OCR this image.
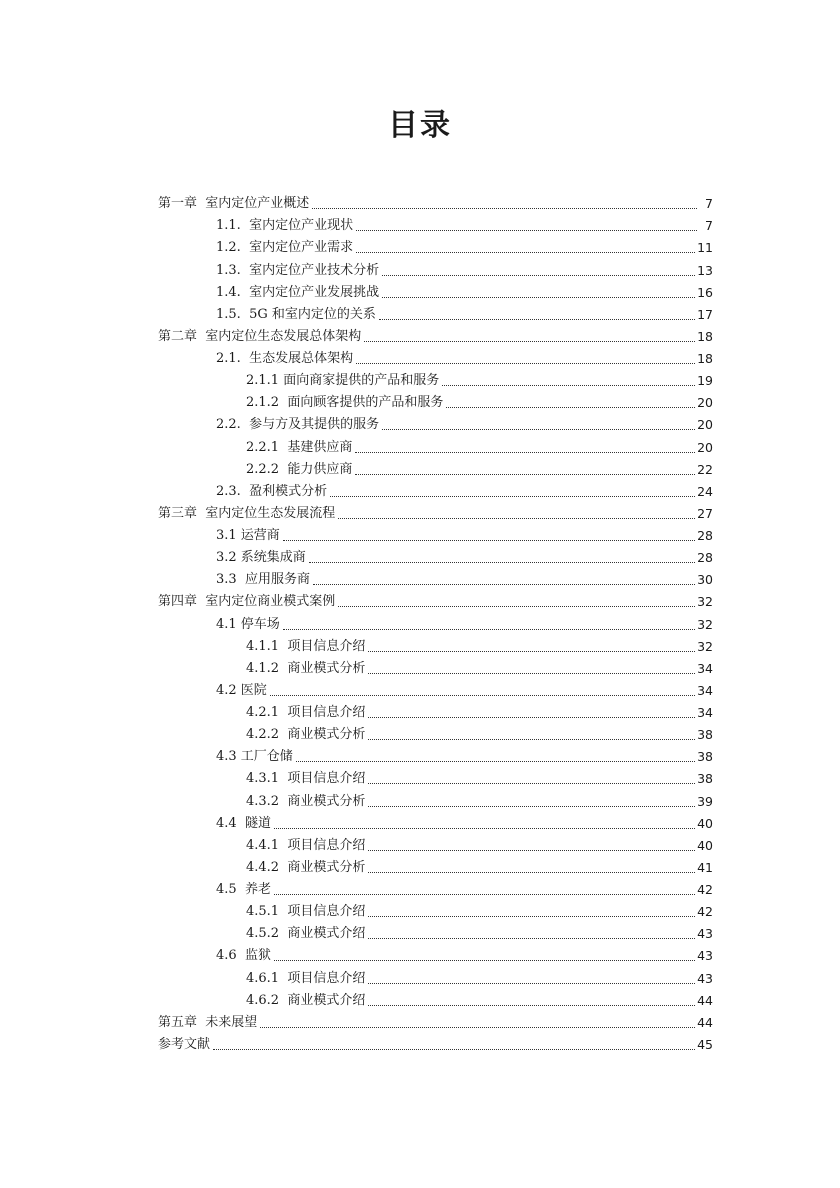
目录
第一章  室内定位产业概述	7
1.1.  室内定位产业现状	7
1.2.  室内定位产业需求	11
1.3.  室内定位产业技术分析	13
1.4.  室内定位产业发展挑战	16
1.5.  5G 和室内定位的关系	17
第二章  室内定位生态发展总体架构	18
2.1.  生态发展总体架构	18
2.1.1 面向商家提供的产品和服务	19
2.1.2  面向顾客提供的产品和服务	20
2.2.  参与方及其提供的服务	20
2.2.1  基建供应商	20
2.2.2  能力供应商	22
2.3.  盈利模式分析	24
第三章  室内定位生态发展流程	27
3.1 运营商	28
3.2 系统集成商	28
3.3  应用服务商	30
第四章  室内定位商业模式案例	32
4.1 停车场	32
4.1.1  项目信息介绍	32
4.1.2  商业模式分析	34
4.2 医院	34
4.2.1  项目信息介绍	34
4.2.2  商业模式分析	38
4.3 工厂仓储	38
4.3.1  项目信息介绍	38
4.3.2  商业模式分析	39
4.4  隧道	40
4.4.1  项目信息介绍	40
4.4.2  商业模式分析	41
4.5  养老	42
4.5.1  项目信息介绍	42
4.5.2  商业模式介绍	43
4.6  监狱	43
4.6.1  项目信息介绍	43
4.6.2  商业模式介绍	44
第五章  未来展望	44
参考文献	45
